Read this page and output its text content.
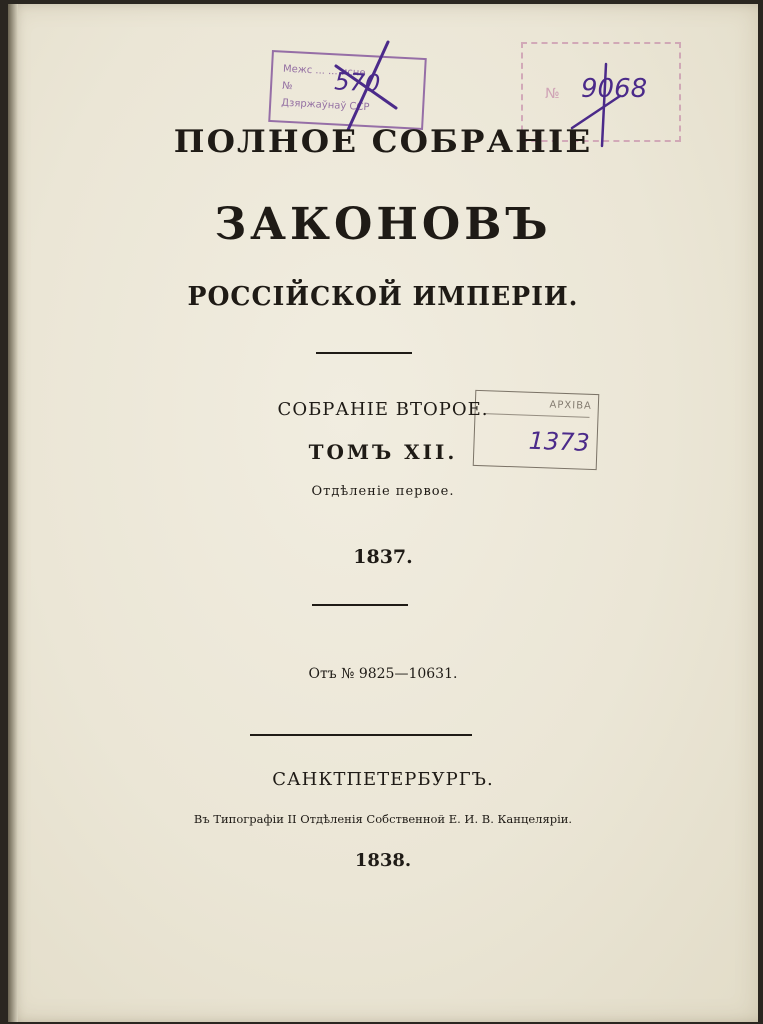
Межс ... ... исне
№
Дзяржаўнаў ССР
570	№ 9068
АРХІВА
1373
ПОЛНОЕ СОБРАНІЕ
ЗАКОНОВЪ
РОССІЙСКОЙ ИМПЕРІИ.
СОБРАНІЕ ВТОРОЕ.
ТОМЪ XII.
Отдѣленіе первое.
1837.
Отъ № 9825—10631.
САНКТПЕТЕРБУРГЪ.
Въ Типографіи II Отдѣленія Собственной Е. И. В. Канцеляріи.
1838.
